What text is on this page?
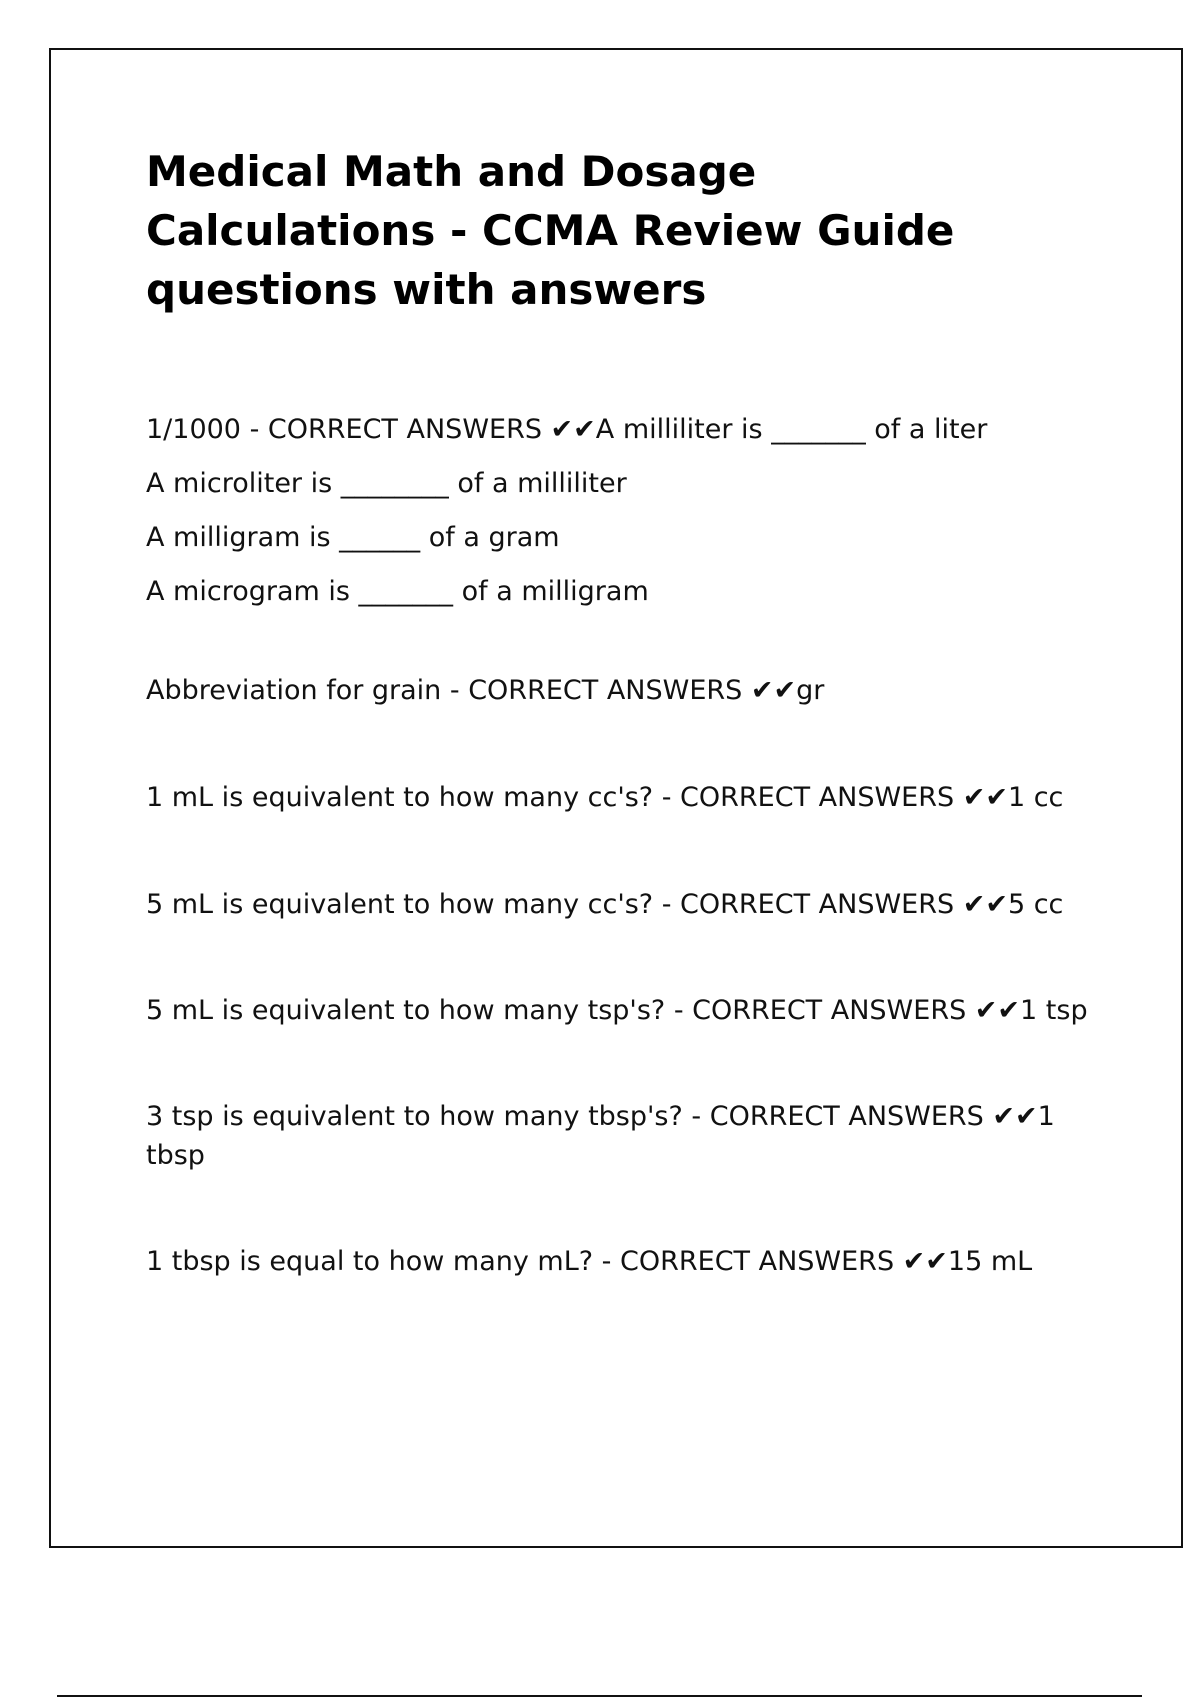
Medical Math and Dosage Calculations - CCMA Review Guide questions with answers

1/1000 - CORRECT ANSWERS ✔✔A milliliter is _______ of a liter

A microliter is ________ of a milliliter

A milligram is ______ of a gram

A microgram is _______ of a milligram

Abbreviation for grain - CORRECT ANSWERS ✔✔gr

1 mL is equivalent to how many cc's? - CORRECT ANSWERS ✔✔1 cc

5 mL is equivalent to how many cc's? - CORRECT ANSWERS ✔✔5 cc

5 mL is equivalent to how many tsp's? - CORRECT ANSWERS ✔✔1 tsp

3 tsp is equivalent to how many tbsp's? - CORRECT ANSWERS ✔✔1 tbsp

1 tbsp is equal to how many mL? - CORRECT ANSWERS ✔✔15 mL
